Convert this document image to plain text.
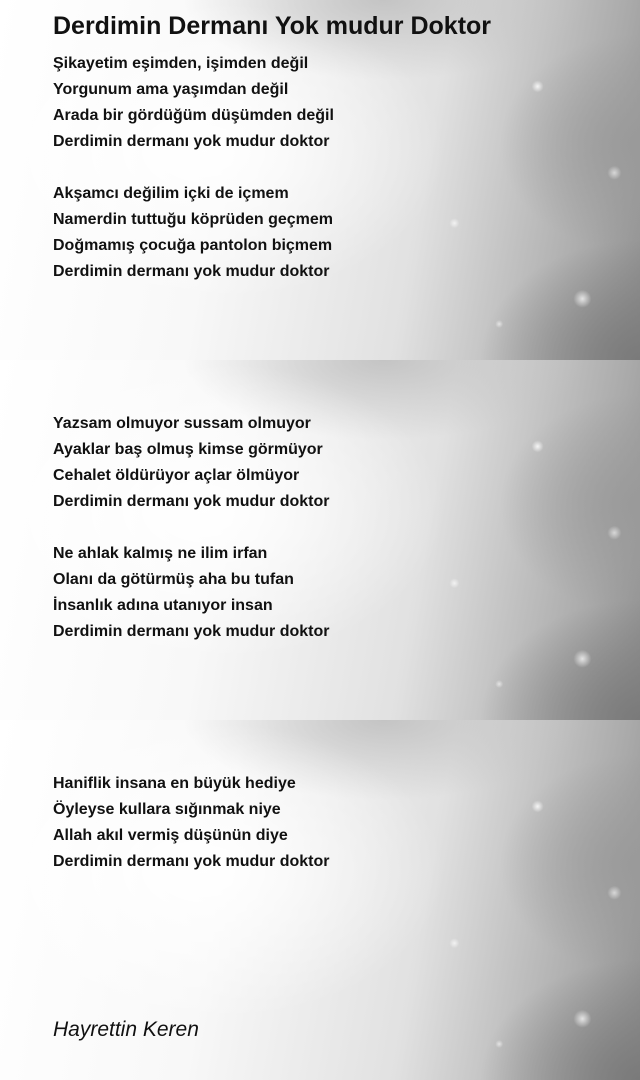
Derdimin Dermanı Yok mudur Doktor
Şikayetim eşimden, işimden değil
Yorgunum ama yaşımdan değil
Arada bir gördüğüm düşümden değil
Derdimin dermanı yok mudur doktor
Akşamcı değilim içki de içmem
Namerdin tuttuğu köprüden geçmem
Doğmamış çocuğa pantolon biçmem
Derdimin dermanı yok mudur doktor
Yazsam olmuyor sussam olmuyor
Ayaklar baş olmuş kimse görmüyor
Cehalet öldürüyor açlar ölmüyor
Derdimin dermanı yok mudur doktor
Ne ahlak kalmış ne ilim irfan
Olanı da götürmüş aha bu tufan
İnsanlık adına utanıyor insan
Derdimin dermanı yok mudur doktor
Haniflik insana en büyük hediye
Öyleyse kullara sığınmak niye
Allah akıl vermiş düşünün diye
Derdimin dermanı yok mudur doktor
Hayrettin Keren
